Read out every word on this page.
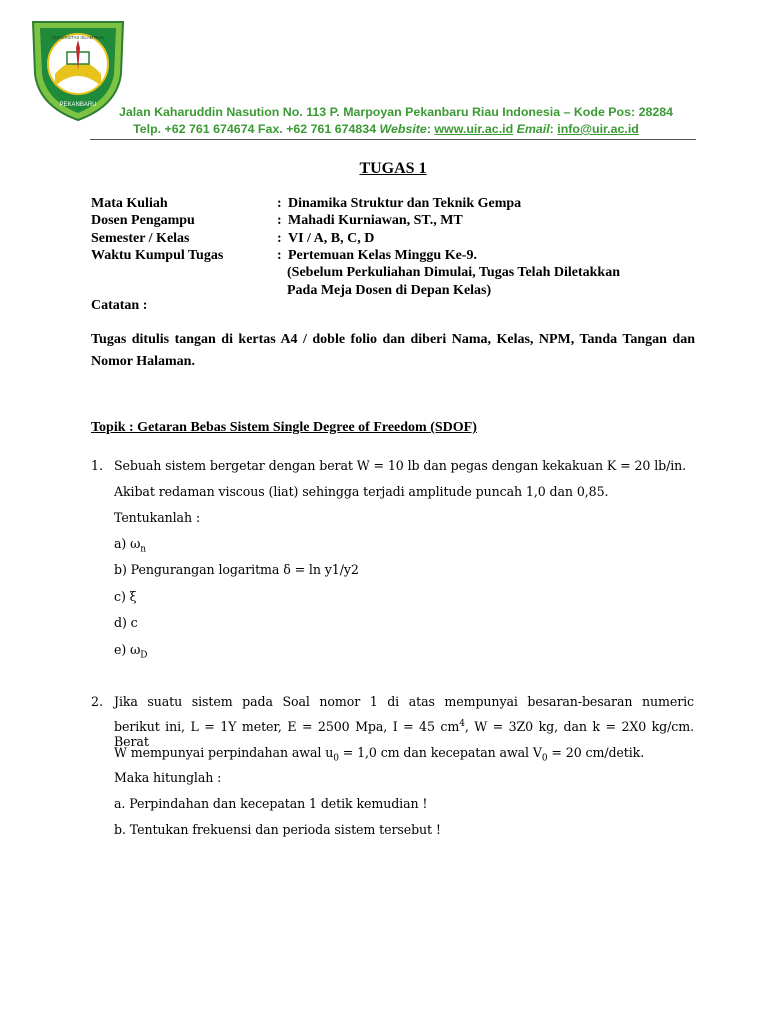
PEKANBARU
UNIVERSITAS ISLAM RIAU
Jalan Kaharuddin Nasution No. 113 P. Marpoyan Pekanbaru Riau Indonesia – Kode Pos: 28284
Telp. +62 761 674674 Fax. +62 761 674834 Website: www.uir.ac.id Email: info@uir.ac.id
TUGAS 1
Mata Kuliah	: Dinamika Struktur dan Teknik Gempa
Dosen Pengampu	: Mahadi Kurniawan, ST., MT
Semester / Kelas	: VI / A, B, C, D
Waktu Kumpul Tugas	: Pertemuan Kelas Minggu Ke-9.
(Sebelum Perkuliahan Dimulai, Tugas Telah Diletakkan
Pada Meja Dosen di Depan Kelas)
Catatan :
Tugas ditulis tangan di kertas A4 / doble folio dan diberi Nama, Kelas, NPM, Tanda Tangan dan Nomor Halaman.
Topik : Getaran Bebas Sistem Single Degree of Freedom (SDOF)
1. Sebuah sistem bergetar dengan berat W = 10 lb dan pegas dengan kekakuan K = 20 lb/in.
Akibat redaman viscous (liat) sehingga terjadi amplitude puncah 1,0 dan 0,85.
Tentukanlah :
a) $\omega_n$
b) Pengurangan logaritma δ = ln y1/y2
c) ξ
d) c
e) $\omega_D$
2. Jika suatu sistem pada Soal nomor 1 di atas mempunyai besaran-besaran numeric
berikut ini, L = 1Y meter, E = 2500 Mpa, I = 45 $cm^4$, W = 3Z0 kg, dan k = 2X0 kg/cm. Berat
W mempunyai perpindahan awal $u_0 = 1,0$ cm dan kecepatan awal $V_0 = 20$ cm/detik.
Maka hitunglah :
a. Perpindahan dan kecepatan 1 detik kemudian !
b. Tentukan frekuensi dan perioda sistem tersebut !
